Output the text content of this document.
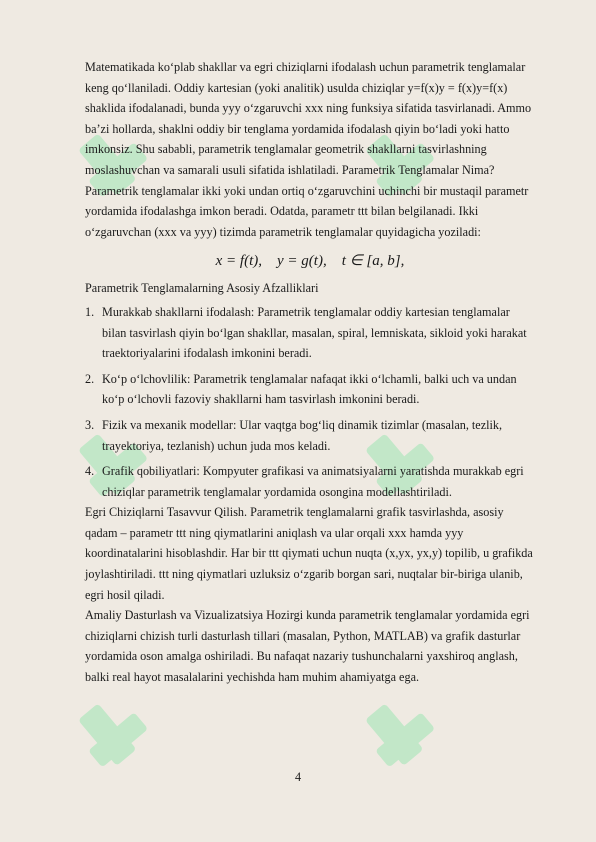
Matematikada koʻplab shakllar va egri chiziqlarni ifodalash uchun parametrik tenglamalar keng qoʻllaniladi. Oddiy kartesian (yoki analitik) usulda chiziqlar y=f(x)y = f(x)y=f(x) shaklida ifodalanadi, bunda yyy oʻzgaruvchi xxx ning funksiya sifatida tasvirlanadi. Ammo baʼzi hollarda, shaklni oddiy bir tenglama yordamida ifodalash qiyin boʻladi yoki hatto imkonsiz. Shu sababli, parametrik tenglamalar geometrik shakllarni tasvirlashning moslashuvchan va samarali usuli sifatida ishlatiladi. Parametrik Tenglamalar Nima?

Parametrik tenglamalar ikki yoki undan ortiq oʻzgaruvchini uchinchi bir mustaqil parametr yordamida ifodalashga imkon beradi. Odatda, parametr ttt bilan belgilanadi. Ikki oʻzgaruvchan (xxx va yyy) tizimda parametrik tenglamalar quyidagicha yoziladi:

x = f(t), y = g(t), t ∈ [a, b],

Parametrik Tenglamalarning Asosiy Afzalliklari

1. Murakkab shakllarni ifodalash: Parametrik tenglamalar oddiy kartesian tenglamalar bilan tasvirlash qiyin boʻlgan shakllar, masalan, spiral, lemniskata, sikloid yoki harakat traektoriyalarini ifodalash imkonini beradi.
2. Koʻp oʻlchovlilik: Parametrik tenglamalar nafaqat ikki oʻlchamli, balki uch va undan koʻp oʻlchovli fazoviy shakllarni ham tasvirlash imkonini beradi.
3. Fizik va mexanik modellar: Ular vaqtga bogʻliq dinamik tizimlar (masalan, tezlik, trayektoriya, tezlanish) uchun juda mos keladi.
4. Grafik qobiliyatlari: Kompyuter grafikasi va animatsiyalarni yaratishda murakkab egri chiziqlar parametrik tenglamalar yordamida osongina modellashtiriladi.

Egri Chiziqlarni Tasavvur Qilish. Parametrik tenglamalarni grafik tasvirlashda, asosiy qadam – parametr ttt ning qiymatlarini aniqlash va ular orqali xxx hamda yyy koordinatalarini hisoblashdir. Har bir ttt qiymati uchun nuqta (x,yx, yx,y) topilib, u grafikda joylashtiriladi. ttt ning qiymatlari uzluksiz oʻzgarib borgan sari, nuqtalar bir-biriga ulanib, egri hosil qiladi.

Amaliy Dasturlash va Vizualizatsiya Hozirgi kunda parametrik tenglamalar yordamida egri chiziqlarni chizish turli dasturlash tillari (masalan, Python, MATLAB) va grafik dasturlar yordamida oson amalga oshiriladi. Bu nafaqat nazariy tushunchalarni yaxshiroq anglash, balki real hayot masalalarini yechishda ham muhim ahamiyatga ega.

4
